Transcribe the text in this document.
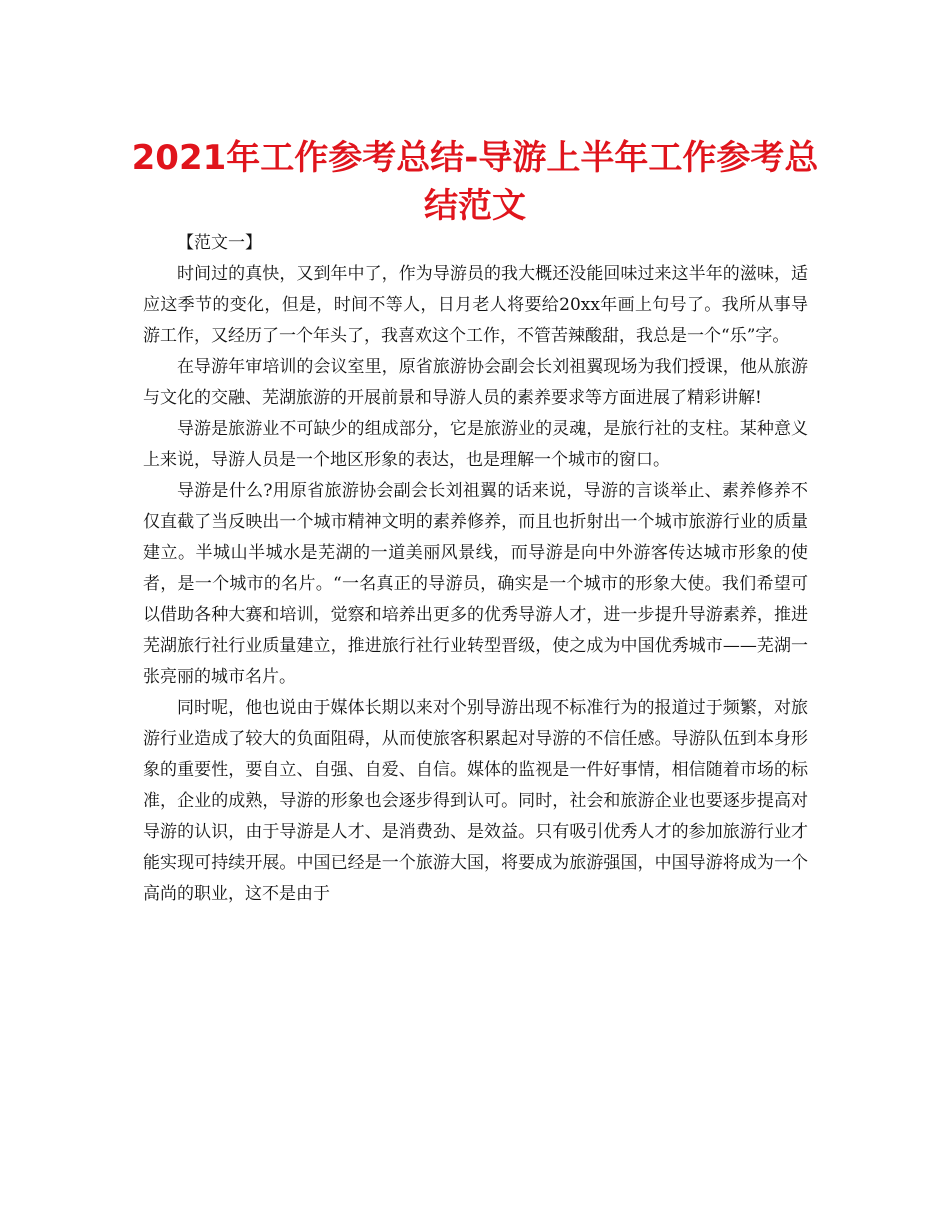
2021年工作参考总结-导游上半年工作参考总结范文

【范文一】

时间过的真快，又到年中了，作为导游员的我大概还没能回味过来这半年的滋味，适应这季节的变化，但是，时间不等人，日月老人将要给20xx年画上句号了。我所从事导游工作，又经历了一个年头了，我喜欢这个工作，不管苦辣酸甜，我总是一个“乐”字。

在导游年审培训的会议室里，原省旅游协会副会长刘祖翼现场为我们授课，他从旅游与文化的交融、芜湖旅游的开展前景和导游人员的素养要求等方面进展了精彩讲解!

导游是旅游业不可缺少的组成部分，它是旅游业的灵魂，是旅行社的支柱。某种意义上来说，导游人员是一个地区形象的表达，也是理解一个城市的窗口。

导游是什么?用原省旅游协会副会长刘祖翼的话来说，导游的言谈举止、素养修养不仅直截了当反映出一个城市精神文明的素养修养，而且也折射出一个城市旅游行业的质量建立。半城山半城水是芜湖的一道美丽风景线，而导游是向中外游客传达城市形象的使者，是一个城市的名片。“一名真正的导游员，确实是一个城市的形象大使。我们希望可以借助各种大赛和培训，觉察和培养出更多的优秀导游人才，进一步提升导游素养，推进芜湖旅行社行业质量建立，推进旅行社行业转型晋级，使之成为中国优秀城市——芜湖一张亮丽的城市名片。

同时呢，他也说由于媒体长期以来对个别导游出现不标准行为的报道过于频繁，对旅游行业造成了较大的负面阻碍，从而使旅客积累起对导游的不信任感。导游队伍到本身形象的重要性，要自立、自强、自爱、自信。媒体的监视是一件好事情，相信随着市场的标准，企业的成熟，导游的形象也会逐步得到认可。同时，社会和旅游企业也要逐步提高对导游的认识，由于导游是人才、是消费劲、是效益。只有吸引优秀人才的参加旅游行业才能实现可持续开展。中国已经是一个旅游大国，将要成为旅游强国，中国导游将成为一个高尚的职业，这不是由于
